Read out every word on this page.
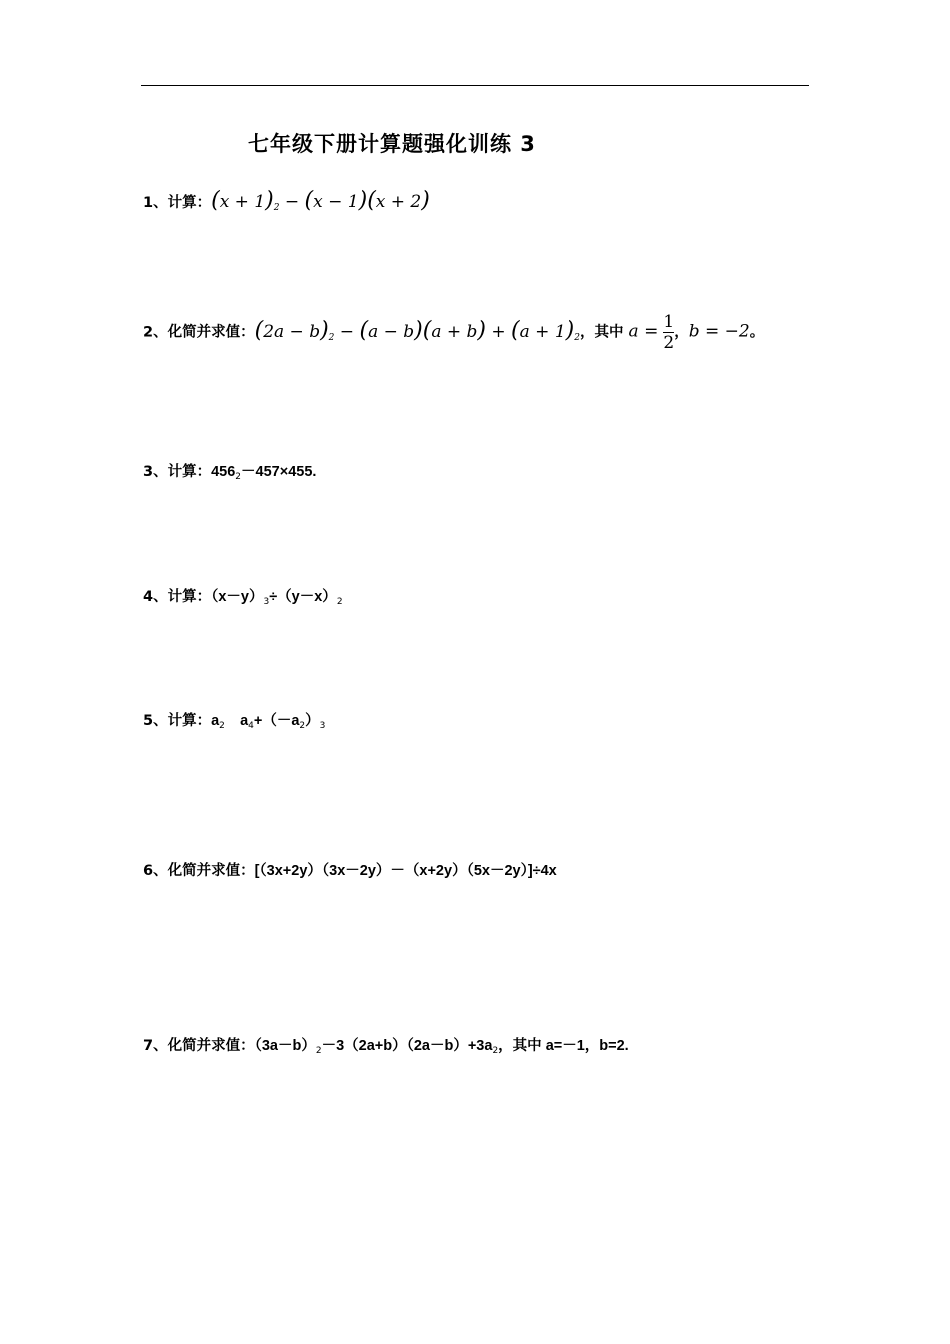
七年级下册计算题强化训练 3
1、计算：(x + 1)2 − (x − 1)(x + 2)
2、化简并求值：(2a − b)2 − (a − b)(a + b) + (a + 1)2，其中 $a = \frac{1}{2}$ ，b = −2。
3、计算：$456_2-457\times 455$.
4、计算：$(x-y)_3\div(y-x)_2$
5、计算：$a_2$ $a_4+(-a_2)_3$
6、化简并求值：[（3x+2y）（3x－2y）－（x+2y）（5x－2y）]÷4x
7、化简并求值：$(3a-b)_2-3(2a+b)(2a-b)+3a_2$，其中 a=－1，b=2.
